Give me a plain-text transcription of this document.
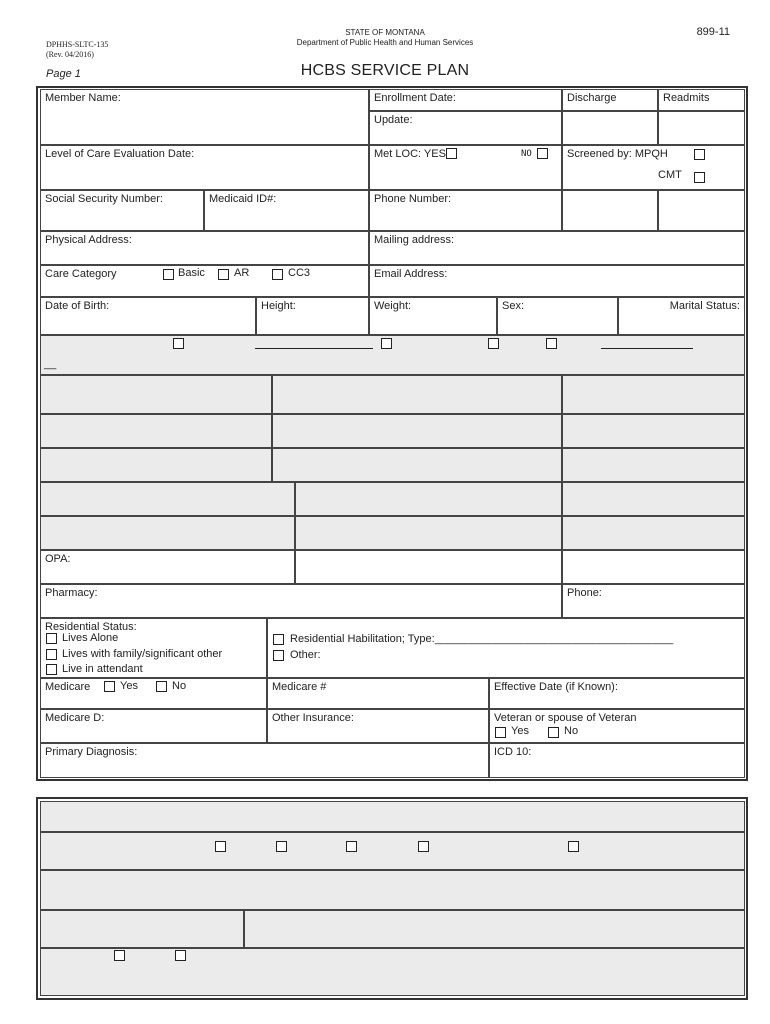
DPHHS-SLTC-135
(Rev. 04/2016)
STATE OF MONTANA
Department of Public Health and Human Services
899-11
Page 1	HCBS SERVICE PLAN
Member Name:	Enrollment Date:
Update:
Discharge	Readmits
Level of Care Evaluation Date:	Met LOC: YES	NO	Screened by: MPQH
CMT
Social Security Number:	Medicaid ID#:	Phone Number:
Physical Address:	Mailing address:
Care Category	Basic	AR	CC3	Email Address:
Date of Birth:	Height:	Weight:	Sex:	Marital Status:
__
OPA:
Pharmacy:	Phone:
Residential Status:
Lives Alone
Lives with family/significant other
Live in attendant
Residential Habilitation; Type:_______________________________________
Other:
Medicare	Yes	No	Medicare #	Effective Date (if Known):
Medicare D:	Other Insurance:	Veteran or spouse of Veteran
Yes	No
Primary Diagnosis:	ICD 10:
